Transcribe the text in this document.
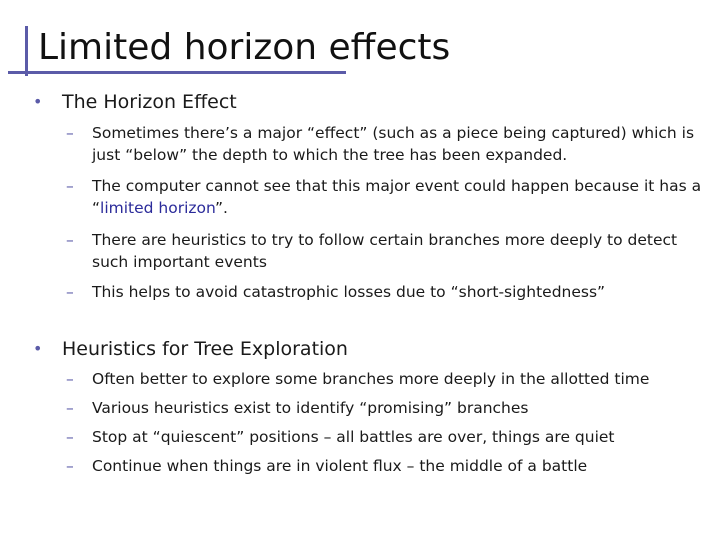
Limited horizon effects
• The Horizon Effect
– Sometimes there’s a major “effect” (such as a piece being captured) which is just “below” the depth to which the tree has been expanded.
– The computer cannot see that this major event could happen because it has a “limited horizon”.
– There are heuristics to try to follow certain branches more deeply to detect such important events
– This helps to avoid catastrophic losses due to “short-sightedness”
• Heuristics for Tree Exploration
– Often better to explore some branches more deeply in the allotted time
– Various heuristics exist to identify “promising” branches
– Stop at “quiescent” positions – all battles are over, things are quiet
– Continue when things are in violent flux – the middle of a battle
